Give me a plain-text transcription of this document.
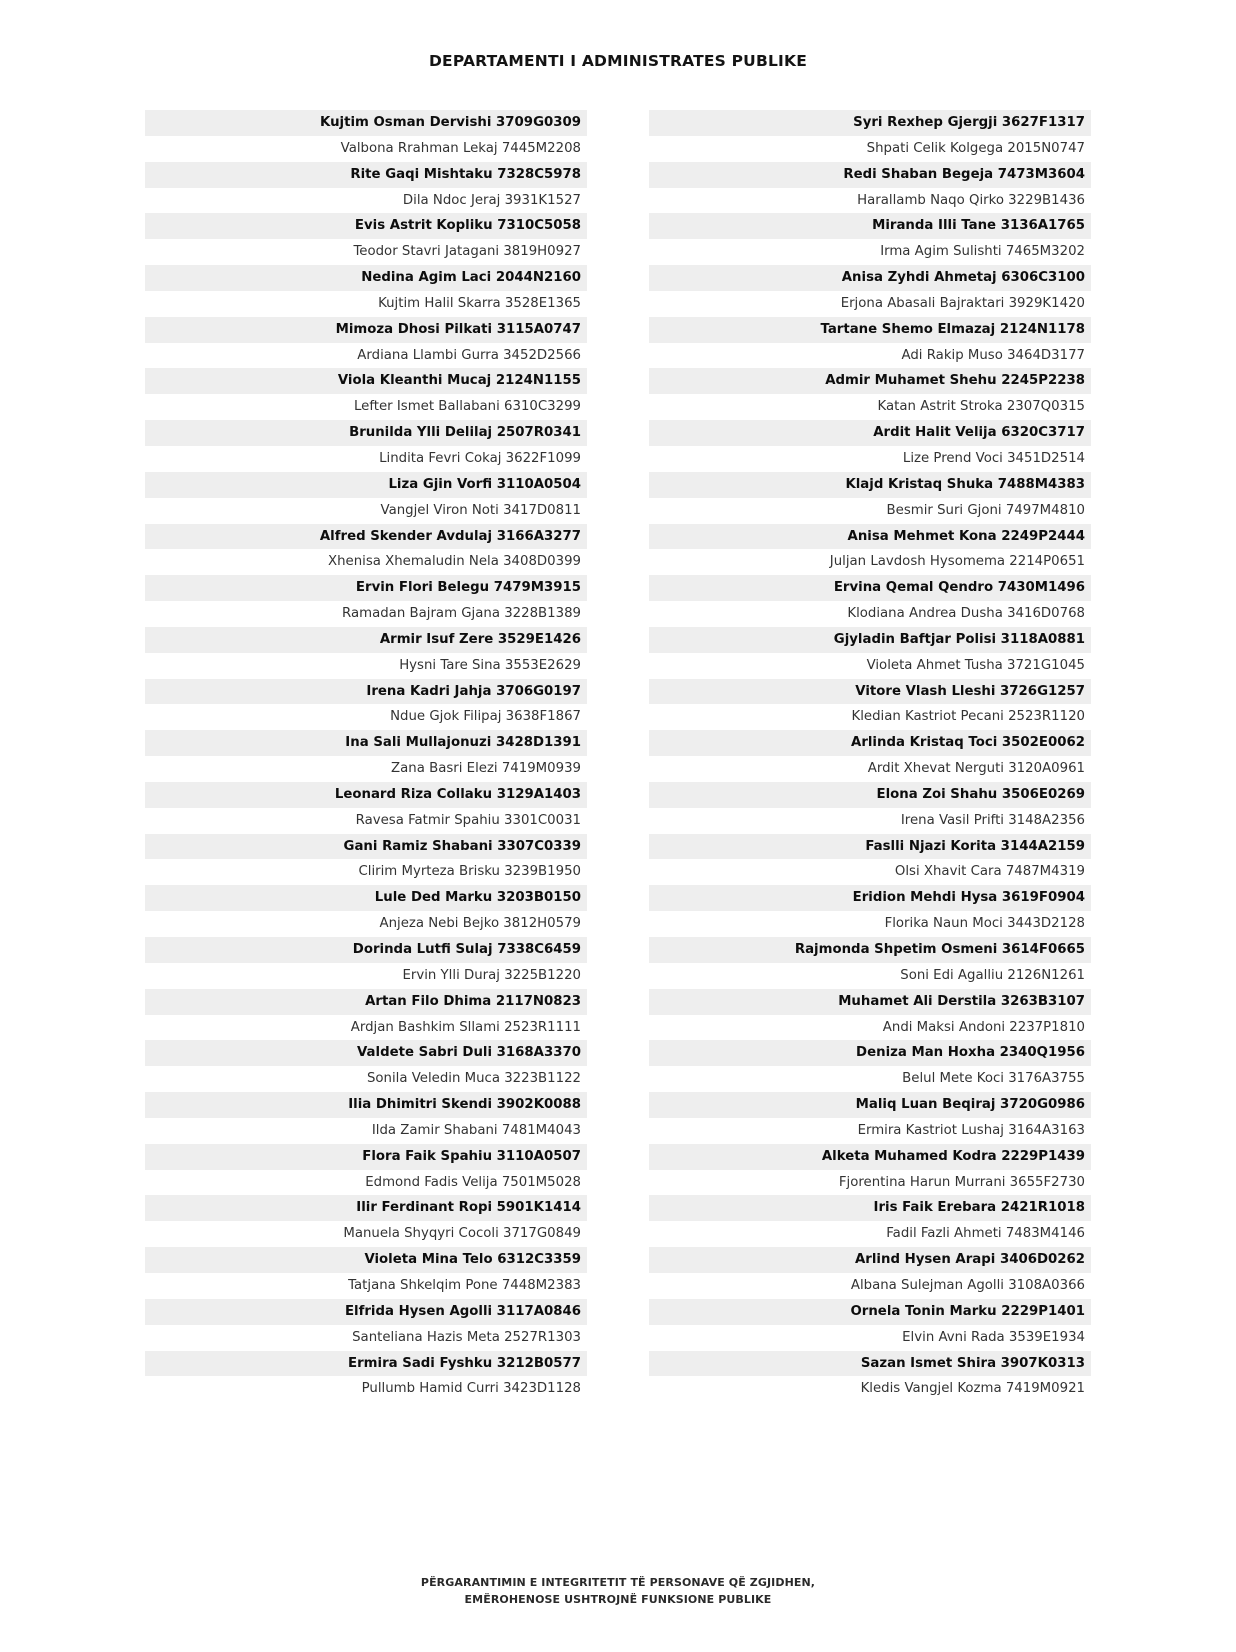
DEPARTAMENTI I ADMINISTRATES PUBLIKE
Kujtim Osman Dervishi 3709G0309
Valbona Rrahman Lekaj 7445M2208
Rite Gaqi Mishtaku 7328C5978
Dila Ndoc Jeraj 3931K1527
Evis Astrit Kopliku 7310C5058
Teodor Stavri Jatagani 3819H0927
Nedina Agim Laci 2044N2160
Kujtim Halil Skarra 3528E1365
Mimoza Dhosi Pilkati 3115A0747
Ardiana Llambi Gurra 3452D2566
Viola Kleanthi Mucaj 2124N1155
Lefter Ismet Ballabani 6310C3299
Brunilda Ylli Delilaj 2507R0341
Lindita Fevri Cokaj 3622F1099
Liza Gjin Vorfi 3110A0504
Vangjel Viron Noti 3417D0811
Alfred Skender Avdulaj 3166A3277
Xhenisa Xhemaludin Nela 3408D0399
Ervin Flori Belegu 7479M3915
Ramadan Bajram Gjana 3228B1389
Armir Isuf Zere 3529E1426
Hysni Tare Sina 3553E2629
Irena Kadri Jahja 3706G0197
Ndue Gjok Filipaj 3638F1867
Ina Sali Mullajonuzi 3428D1391
Zana Basri Elezi 7419M0939
Leonard Riza Collaku 3129A1403
Ravesa Fatmir Spahiu 3301C0031
Gani Ramiz Shabani 3307C0339
Clirim Myrteza Brisku 3239B1950
Lule Ded Marku 3203B0150
Anjeza Nebi Bejko 3812H0579
Dorinda Lutfi Sulaj 7338C6459
Ervin Ylli Duraj 3225B1220
Artan Filo Dhima 2117N0823
Ardjan Bashkim Sllami 2523R1111
Valdete Sabri Duli 3168A3370
Sonila Veledin Muca 3223B1122
Ilia Dhimitri Skendi 3902K0088
Ilda Zamir Shabani 7481M4043
Flora Faik Spahiu 3110A0507
Edmond Fadis Velija 7501M5028
Ilir Ferdinant Ropi 5901K1414
Manuela Shyqyri Cocoli 3717G0849
Violeta Mina Telo 6312C3359
Tatjana Shkelqim Pone 7448M2383
Elfrida Hysen Agolli 3117A0846
Santeliana Hazis Meta 2527R1303
Ermira Sadi Fyshku 3212B0577
Pullumb Hamid Curri 3423D1128
Syri Rexhep Gjergji 3627F1317
Shpati Celik Kolgega 2015N0747
Redi Shaban Begeja 7473M3604
Harallamb Naqo Qirko 3229B1436
Miranda Illi Tane 3136A1765
Irma Agim Sulishti 7465M3202
Anisa Zyhdi Ahmetaj 6306C3100
Erjona Abasali Bajraktari 3929K1420
Tartane Shemo Elmazaj 2124N1178
Adi Rakip Muso 3464D3177
Admir Muhamet Shehu 2245P2238
Katan Astrit Stroka 2307Q0315
Ardit Halit Velija 6320C3717
Lize Prend Voci 3451D2514
Klajd Kristaq Shuka 7488M4383
Besmir Suri Gjoni 7497M4810
Anisa Mehmet Kona 2249P2444
Juljan Lavdosh Hysomema 2214P0651
Ervina Qemal Qendro 7430M1496
Klodiana Andrea Dusha 3416D0768
Gjyladin Baftjar Polisi 3118A0881
Violeta Ahmet Tusha 3721G1045
Vitore Vlash Lleshi 3726G1257
Kledian Kastriot Pecani 2523R1120
Arlinda Kristaq Toci 3502E0062
Ardit Xhevat Nerguti 3120A0961
Elona Zoi Shahu 3506E0269
Irena Vasil Prifti 3148A2356
Faslli Njazi Korita 3144A2159
Olsi Xhavit Cara 7487M4319
Eridion Mehdi Hysa 3619F0904
Florika Naun Moci 3443D2128
Rajmonda Shpetim Osmeni 3614F0665
Soni Edi Agalliu 2126N1261
Muhamet Ali Derstila 3263B3107
Andi Maksi Andoni 2237P1810
Deniza Man Hoxha 2340Q1956
Belul Mete Koci 3176A3755
Maliq Luan Beqiraj 3720G0986
Ermira Kastriot Lushaj 3164A3163
Alketa Muhamed Kodra 2229P1439
Fjorentina Harun Murrani 3655F2730
Iris Faik Erebara 2421R1018
Fadil Fazli Ahmeti 7483M4146
Arlind Hysen Arapi 3406D0262
Albana Sulejman Agolli 3108A0366
Ornela Tonin Marku 2229P1401
Elvin Avni Rada 3539E1934
Sazan Ismet Shira 3907K0313
Kledis Vangjel Kozma 7419M0921
PËRGARANTIMIN E INTEGRITETIT TË PERSONAVE QË ZGJIDHEN,
EMËROHENOSE USHTROJNË FUNKSIONE PUBLIKE
